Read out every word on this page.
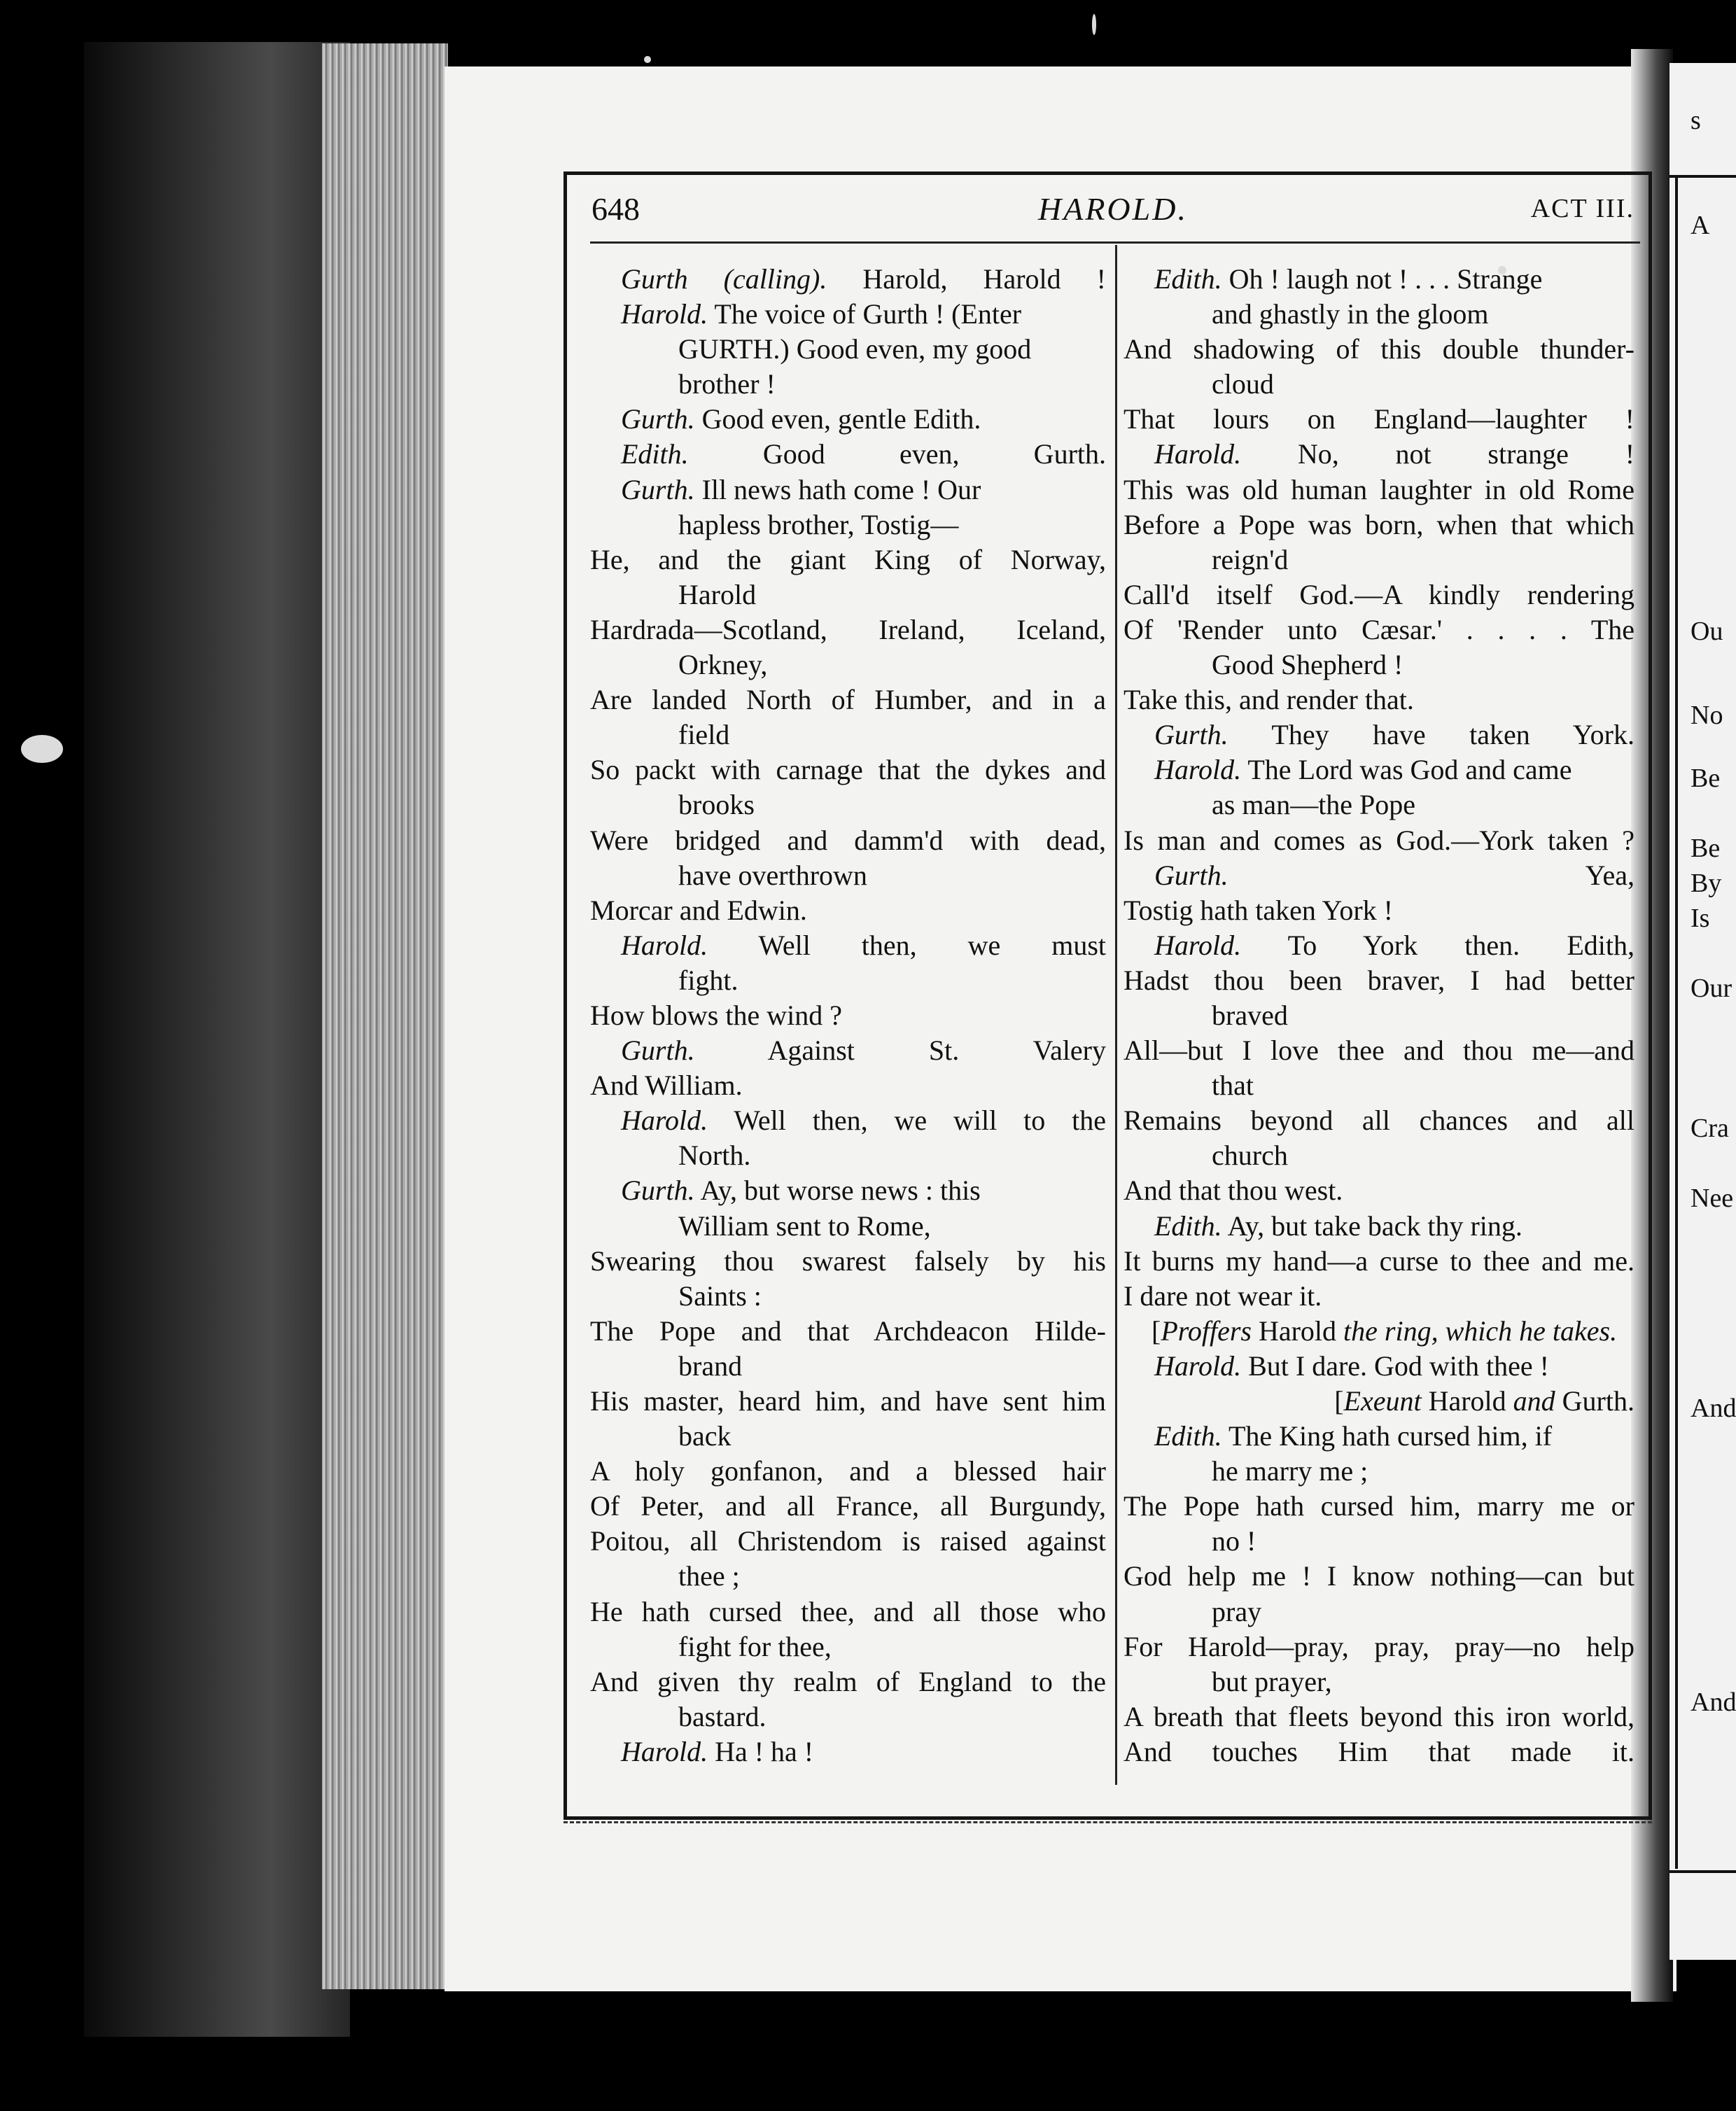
s
A
Ou
No
Be
Be
By
Is
Our
Cra
Nee
And
And
648	HAROLD.	ACT III.
Gurth (calling). Harold, Harold !
Harold. The voice of Gurth ! (Enter
GURTH.) Good even, my good
brother !
Gurth. Good even, gentle Edith.
Edith.	Good even, Gurth.
Gurth. Ill news hath come ! Our
hapless brother, Tostig—
He, and the giant King of Norway,
Harold
Hardrada—Scotland, Ireland, Iceland,
Orkney,
Are landed North of Humber, and in a
field
So packt with carnage that the dykes and
brooks
Were bridged and damm'd with dead,
have overthrown
Morcar and Edwin.
Harold. Well then, we must
fight.
How blows the wind ?
Gurth.	Against St. Valery
And William.
Harold. Well then, we will to the
North.
Gurth. Ay, but worse news : this
William sent to Rome,
Swearing thou swarest falsely by his
Saints :
The Pope and that Archdeacon Hilde-
brand
His master, heard him, and have sent him
back
A holy gonfanon, and a blessed hair
Of Peter, and all France, all Burgundy,
Poitou, all Christendom is raised against
thee ;
He hath cursed thee, and all those who
fight for thee,
And given thy realm of England to the
bastard.
Harold. Ha ! ha !
Edith. Oh ! laugh not ! . . . Strange
and ghastly in the gloom
And shadowing of this double thunder-
cloud
That lours on England—laughter !
Harold. No, not strange !
This was old human laughter in old Rome
Before a Pope was born, when that which
reign'd
Call'd itself God.—A kindly rendering
Of 'Render unto Cæsar.' . . . . The
Good Shepherd !
Take this, and render that.
Gurth. They have taken York.
Harold. The Lord was God and came
as man—the Pope
Is man and comes as God.—York taken ?
Gurth.	Yea,
Tostig hath taken York !
Harold. To York then. Edith,
Hadst thou been braver, I had better
braved
All—but I love thee and thou me—and
that
Remains beyond all chances and all
church
And that thou west.
Edith. Ay, but take back thy ring.
It burns my hand—a curse to thee and me.
I dare not wear it.
[Proffers Harold the ring, which he takes.
Harold. But I dare. God with thee !
[Exeunt Harold and Gurth.
Edith. The King hath cursed him, if
he marry me ;
The Pope hath cursed him, marry me or
no !
God help me ! I know nothing—can but
pray
For Harold—pray, pray, pray—no help
but prayer,
A breath that fleets beyond this iron world,
And touches Him that made it.
